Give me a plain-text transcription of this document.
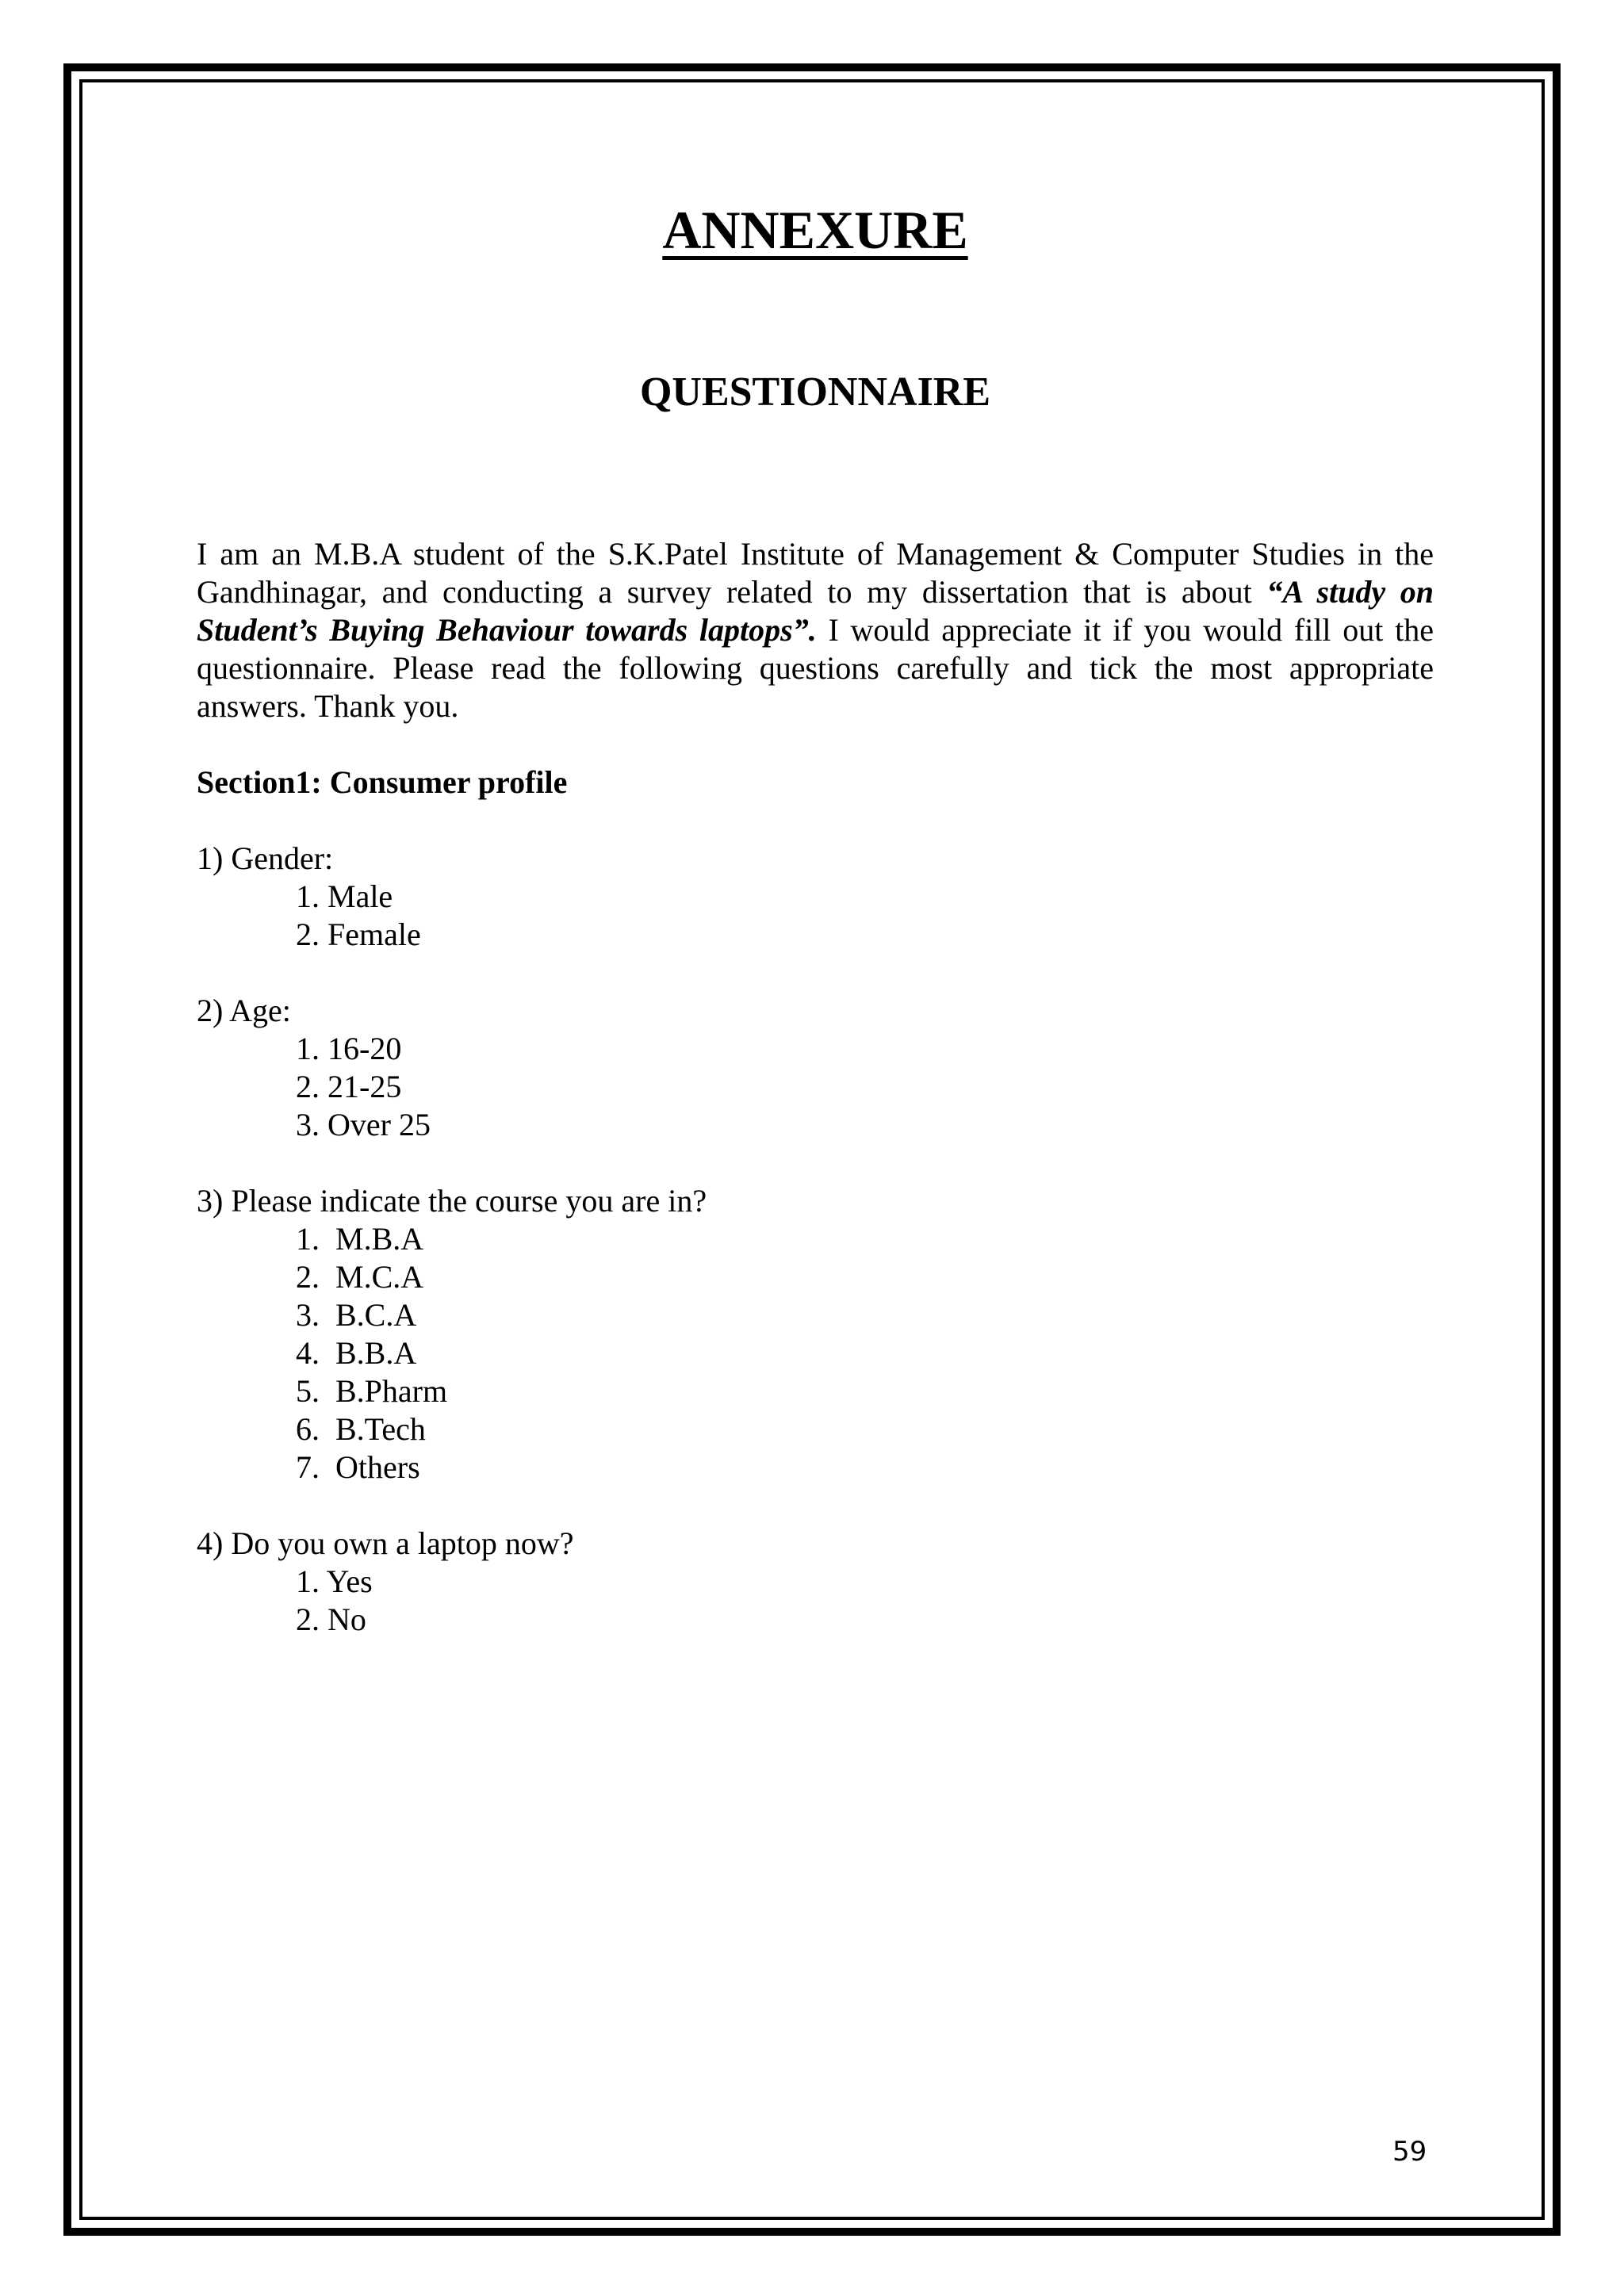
ANNEXURE
QUESTIONNAIRE

I am an M.B.A student of the S.K.Patel Institute of Management & Computer Studies in the Gandhinagar, and conducting a survey related to my dissertation that is about “A study on Student’s Buying Behaviour towards laptops”. I would appreciate it if you would fill out the questionnaire. Please read the following questions carefully and tick the most appropriate answers. Thank you.

Section1: Consumer profile

1) Gender:

1. Male
2. Female

2) Age:

1. 16-20
2. 21-25
3. Over 25

3) Please indicate the course you are in?

1.  M.B.A
2.  M.C.A
3.  B.C.A
4.  B.B.A
5.  B.Pharm
6.  B.Tech
7.  Others

4) Do you own a laptop now?

1. Yes
2. No
59
